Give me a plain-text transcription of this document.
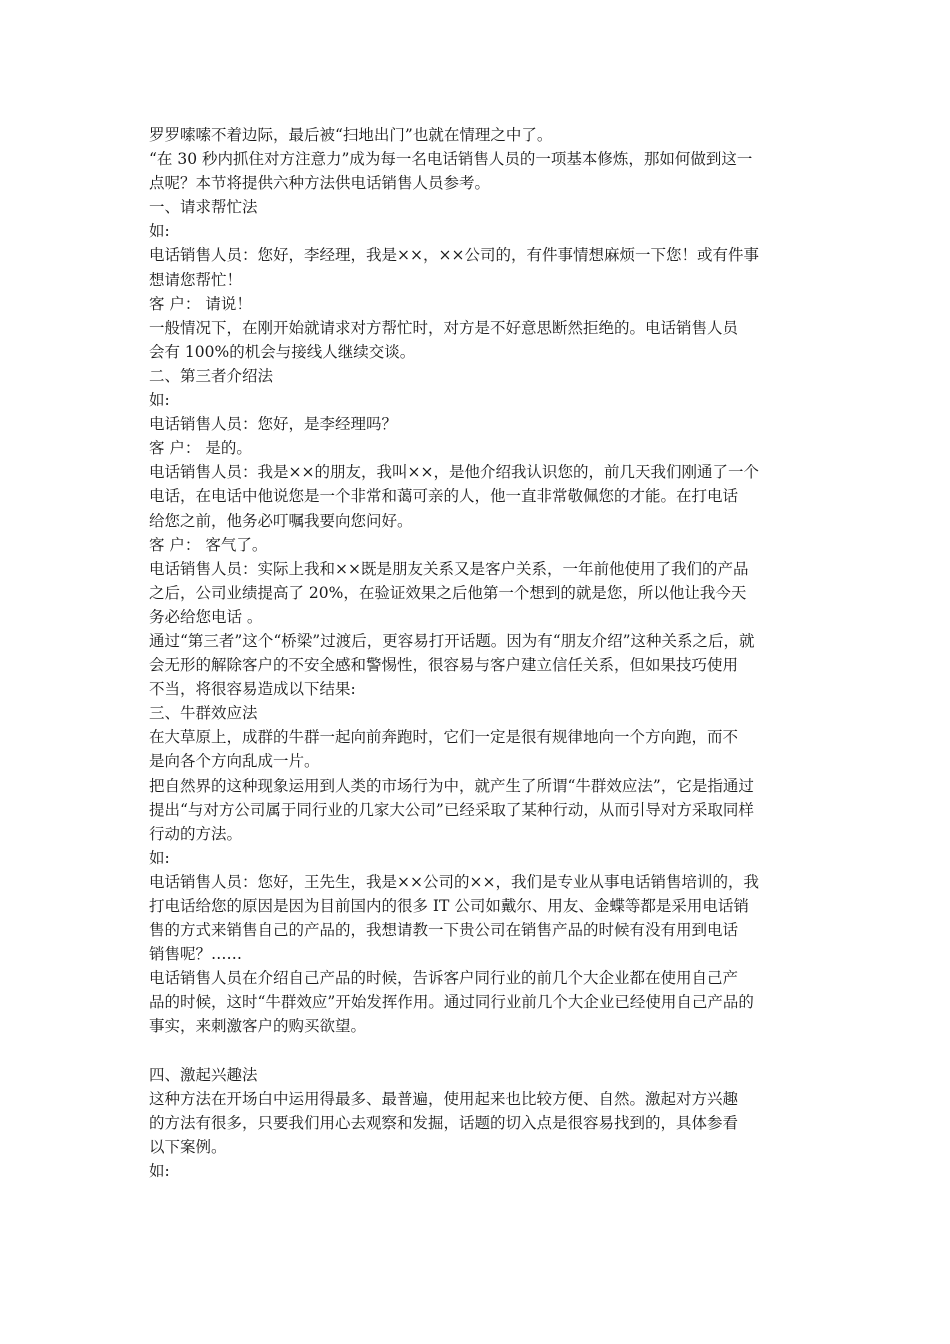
罗罗嗦嗦不着边际，最后被“扫地出门”也就在情理之中了。
“在 30 秒内抓住对方注意力”成为每一名电话销售人员的一项基本修炼，那如何做到这一
点呢？本节将提供六种方法供电话销售人员参考。
一、请求帮忙法
如:
电话销售人员：您好，李经理，我是××，××公司的，有件事情想麻烦一下您！或有件事
想请您帮忙！
客 户： 请说！
一般情况下，在刚开始就请求对方帮忙时，对方是不好意思断然拒绝的。电话销售人员
会有 100%的机会与接线人继续交谈。
二、第三者介绍法
如:
电话销售人员：您好，是李经理吗？
客 户： 是的。
电话销售人员：我是××的朋友，我叫××，是他介绍我认识您的，前几天我们刚通了一个
电话，在电话中他说您是一个非常和蔼可亲的人，他一直非常敬佩您的才能。在打电话
给您之前，他务必叮嘱我要向您问好。
客 户： 客气了。
电话销售人员：实际上我和××既是朋友关系又是客户关系，一年前他使用了我们的产品
之后，公司业绩提高了 20%，在验证效果之后他第一个想到的就是您，所以他让我今天
务必给您电话 。
通过“第三者”这个“桥梁”过渡后，更容易打开话题。因为有“朋友介绍”这种关系之后，就
会无形的解除客户的不安全感和警惕性，很容易与客户建立信任关系，但如果技巧使用
不当，将很容易造成以下结果:
三、牛群效应法
在大草原上，成群的牛群一起向前奔跑时，它们一定是很有规律地向一个方向跑，而不
是向各个方向乱成一片。
把自然界的这种现象运用到人类的市场行为中，就产生了所谓“牛群效应法”，它是指通过
提出“与对方公司属于同行业的几家大公司”已经采取了某种行动，从而引导对方采取同样
行动的方法。
如:
电话销售人员：您好，王先生，我是××公司的××，我们是专业从事电话销售培训的，我
打电话给您的原因是因为目前国内的很多 IT 公司如戴尔、用友、金蝶等都是采用电话销
售的方式来销售自己的产品的，我想请教一下贵公司在销售产品的时候有没有用到电话
销售呢？……
电话销售人员在介绍自己产品的时候，告诉客户同行业的前几个大企业都在使用自己产
品的时候，这时“牛群效应”开始发挥作用。通过同行业前几个大企业已经使用自己产品的
事实，来刺激客户的购买欲望。
四、激起兴趣法
这种方法在开场白中运用得最多、最普遍，使用起来也比较方便、自然。激起对方兴趣
的方法有很多，只要我们用心去观察和发掘，话题的切入点是很容易找到的，具体参看
以下案例。
如:
